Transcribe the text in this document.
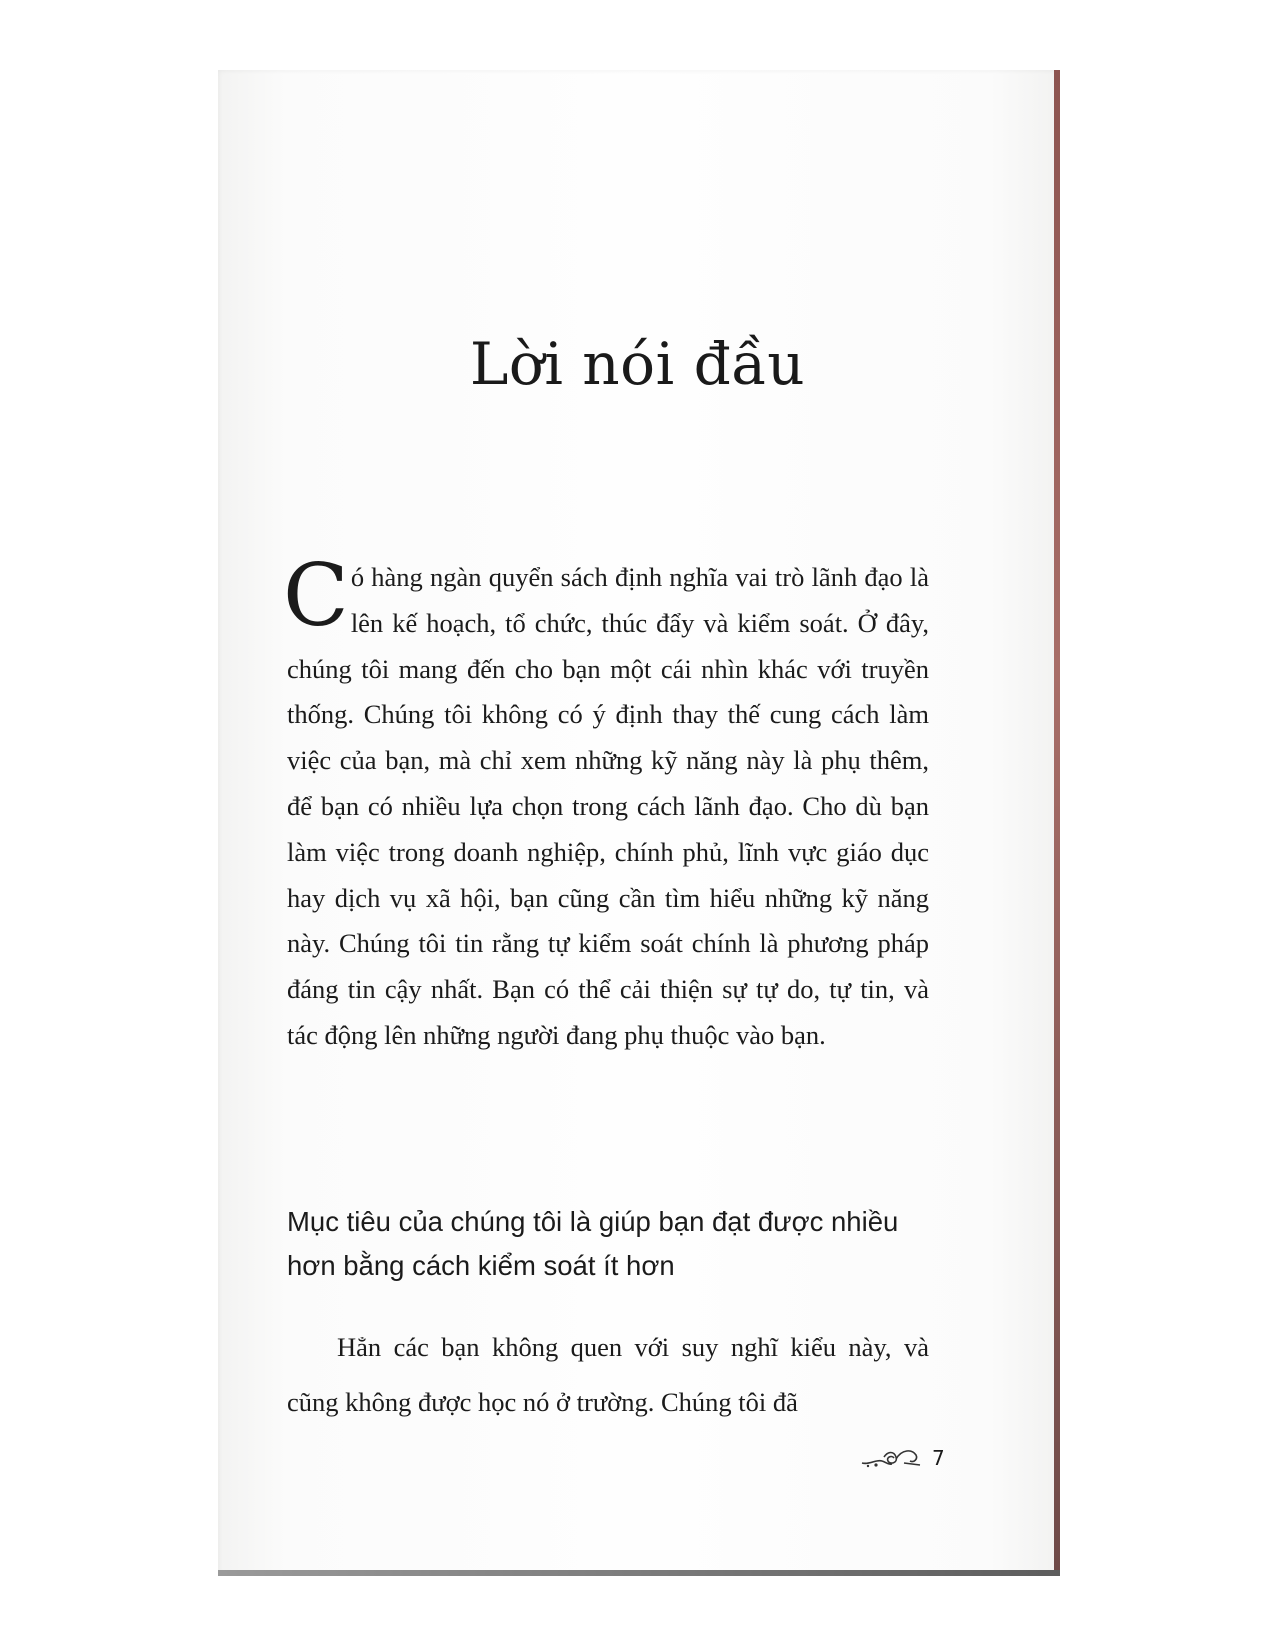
Lời nói đầu
Có hàng ngàn quyển sách định nghĩa vai trò lãnh đạo là lên kế hoạch, tổ chức, thúc đẩy và kiểm soát. Ở đây, chúng tôi mang đến cho bạn một cái nhìn khác với truyền thống. Chúng tôi không có ý định thay thế cung cách làm việc của bạn, mà chỉ xem những kỹ năng này là phụ thêm, để bạn có nhiều lựa chọn trong cách lãnh đạo. Cho dù bạn làm việc trong doanh nghiệp, chính phủ, lĩnh vực giáo dục hay dịch vụ xã hội, bạn cũng cần tìm hiểu những kỹ năng này. Chúng tôi tin rằng tự kiểm soát chính là phương pháp đáng tin cậy nhất. Bạn có thể cải thiện sự tự do, tự tin, và tác động lên những người đang phụ thuộc vào bạn.
Mục tiêu của chúng tôi là giúp bạn đạt được nhiều hơn bằng cách kiểm soát ít hơn

Hẳn các bạn không quen với suy nghĩ kiểu này, và cũng không được học nó ở trường. Chúng tôi đã

7
